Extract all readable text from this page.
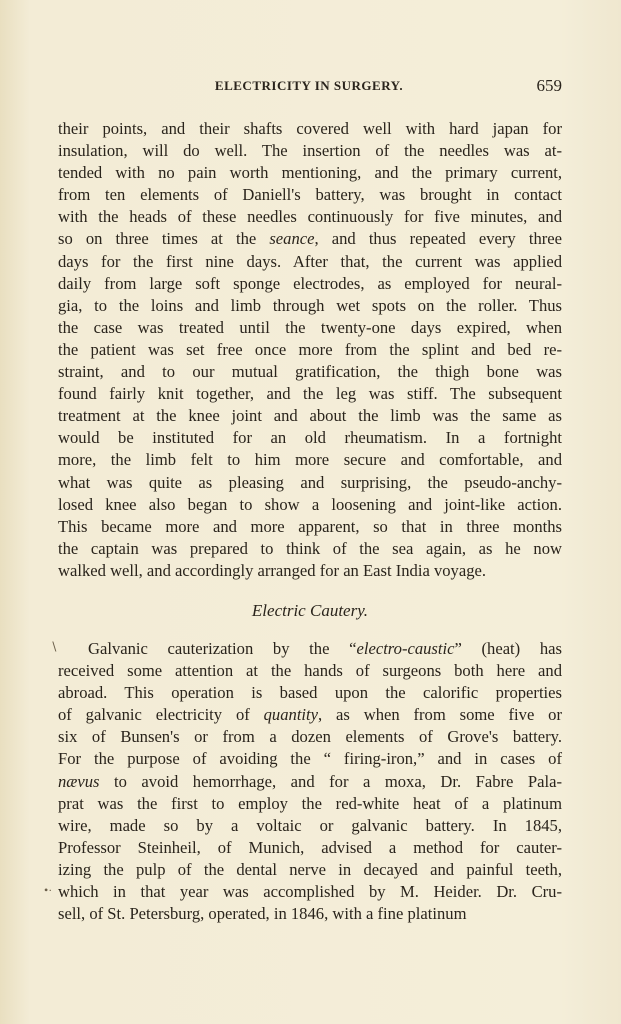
ELECTRICITY IN SURGERY.	659
their points, and their shafts covered well with hard japan for
insulation, will do well. The insertion of the needles was at-
tended with no pain worth mentioning, and the primary current,
from ten elements of Daniell's battery, was brought in contact
with the heads of these needles continuously for five minutes, and
so on three times at the seance, and thus repeated every three
days for the first nine days. After that, the current was applied
daily from large soft sponge electrodes, as employed for neural-
gia, to the loins and limb through wet spots on the roller. Thus
the case was treated until the twenty-one days expired, when
the patient was set free once more from the splint and bed re-
straint, and to our mutual gratification, the thigh bone was
found fairly knit together, and the leg was stiff. The subsequent
treatment at the knee joint and about the limb was the same as
would be instituted for an old rheumatism. In a fortnight
more, the limb felt to him more secure and comfortable, and
what was quite as pleasing and surprising, the pseudo-anchy-
losed knee also began to show a loosening and joint-like action.
This became more and more apparent, so that in three months
the captain was prepared to think of the sea again, as he now
walked well, and accordingly arranged for an East India voyage.
Electric Cautery.
Galvanic cauterization by the “electro-caustic” (heat) has
received some attention at the hands of surgeons both here and
abroad. This operation is based upon the calorific properties
of galvanic electricity of quantity, as when from some five or
six of Bunsen's or from a dozen elements of Grove's battery.
For the purpose of avoiding the “ firing-iron,” and in cases of
nævus to avoid hemorrhage, and for a moxa, Dr. Fabre Pala-
prat was the first to employ the red-white heat of a platinum
wire, made so by a voltaic or galvanic battery. In 1845,
Professor Steinheil, of Munich, advised a method for cauter-
izing the pulp of the dental nerve in decayed and painful teeth,
which in that year was accomplished by M. Heider. Dr. Cru-
sell, of St. Petersburg, operated, in 1846, with a fine platinum
∖
•·
